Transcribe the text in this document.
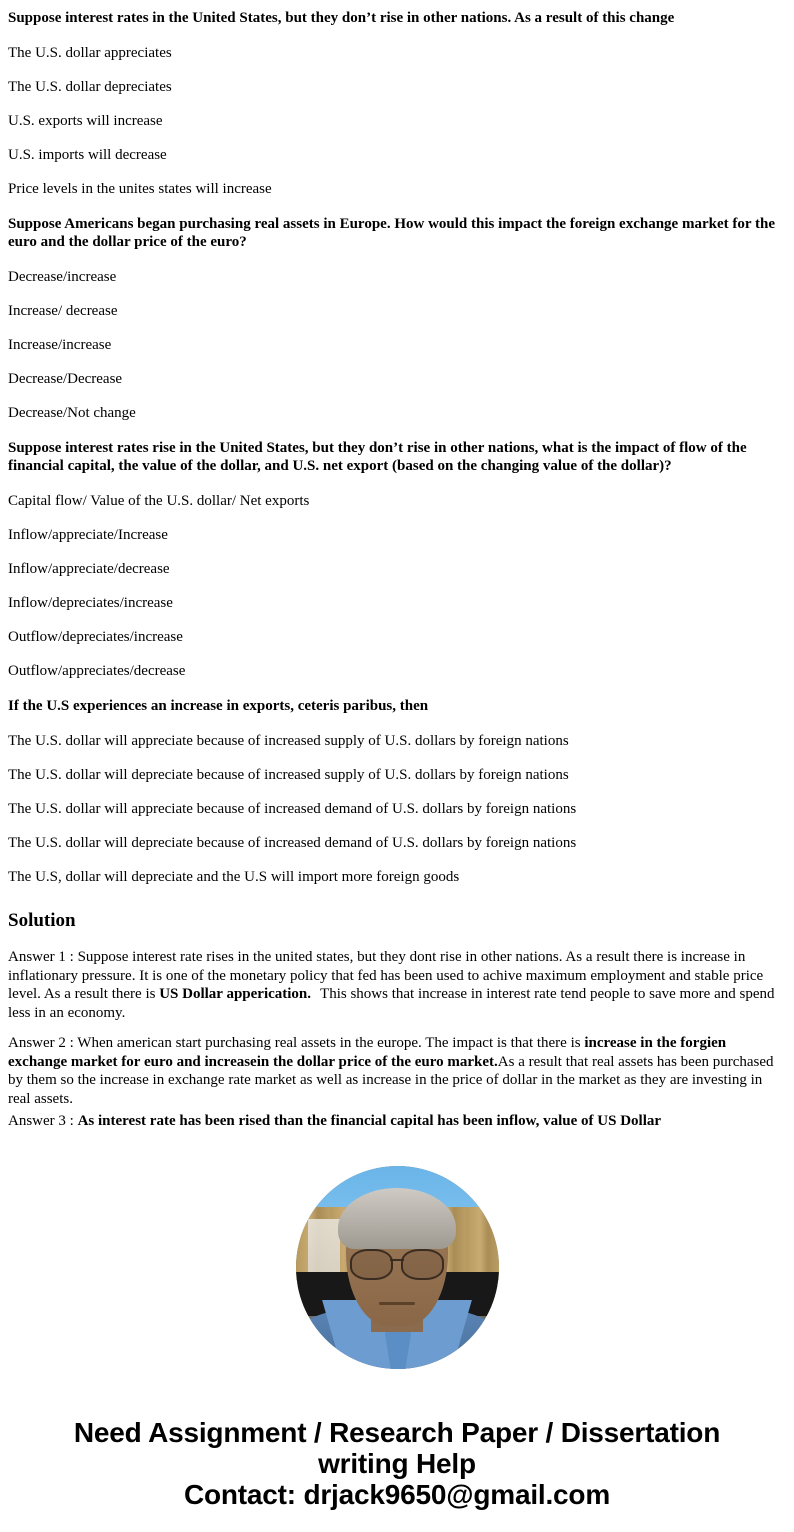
Suppose interest rates in the United States, but they don’t rise in other nations. As a result of this change

The U.S. dollar appreciates

The U.S. dollar depreciates

U.S. exports will increase

U.S. imports will decrease

Price levels in the unites states will increase

Suppose Americans began purchasing real assets in Europe. How would this impact the foreign exchange market for the euro and the dollar price of the euro?

Decrease/increase

Increase/ decrease

Increase/increase

Decrease/Decrease

Decrease/Not change

Suppose interest rates rise in the United States, but they don’t rise in other nations, what is the impact of flow of the financial capital, the value of the dollar, and U.S. net export (based on the changing value of the dollar)?

Capital flow/ Value of the U.S. dollar/ Net exports

Inflow/appreciate/Increase

Inflow/appreciate/decrease

Inflow/depreciates/increase

Outflow/depreciates/increase

Outflow/appreciates/decrease

If the U.S experiences an increase in exports, ceteris paribus, then

The U.S. dollar will appreciate because of increased supply of U.S. dollars by foreign nations

The U.S. dollar will depreciate because of increased supply of U.S. dollars by foreign nations

The U.S. dollar will appreciate because of increased demand of U.S. dollars by foreign nations

The U.S. dollar will depreciate because of increased demand of U.S. dollars by foreign nations

The U.S, dollar will depreciate and the U.S will import more foreign goods

Solution

Answer 1 : Suppose interest rate rises in the united states, but they dont rise in other nations. As a result there is increase in inflationary pressure. It is one of the monetary policy that fed has been used to achive maximum employment and stable price level. As a result there is US Dollar apperication. This shows that increase in interest rate tend people to save more and spend less in an economy.

Answer 2 : When american start purchasing real assets in the europe. The impact is that there is increase in the forgien exchange market for euro and increasein the dollar price of the euro market.As a result that real assets has been purchased by them so the increase in exchange rate market as well as increase in the price of dollar in the market as they are investing in real assets.

Answer 3 : As interest rate has been rised than the financial capital has been inflow, value of US Dollar

Need Assignment / Research Paper / Dissertation

writing Help

Contact: drjack9650@gmail.com
